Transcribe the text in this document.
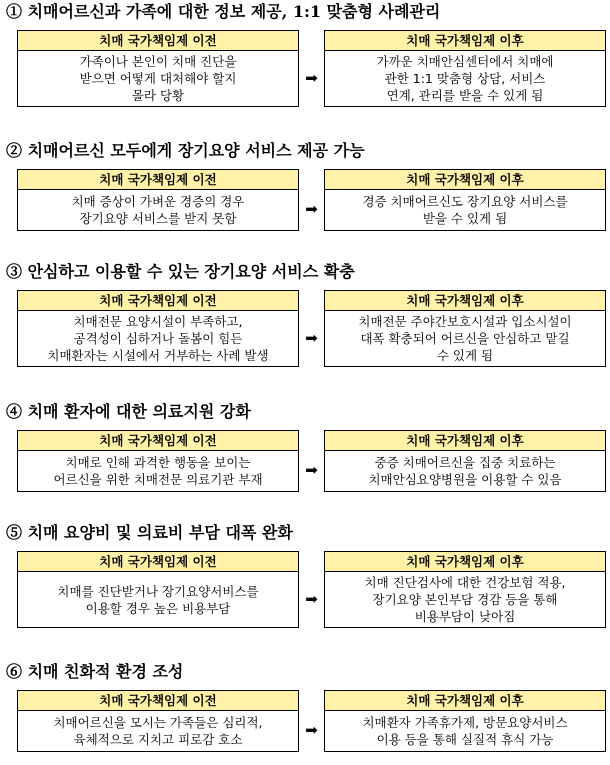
① 치매어르신과 가족에 대한 정보 제공, 1:1 맞춤형 사례관리
치매 국가책임제 이전
가족이나 본인이 치매 진단을
받으면 어떻게 대처해야 할지
몰라 당황
치매 국가책임제 이후
가까운 치매안심센터에서 치매에
관한 1:1 맞춤형 상담, 서비스
연계, 관리를 받을 수 있게 됨
➡
② 치매어르신 모두에게 장기요양 서비스 제공 가능
치매 국가책임제 이전
치매 증상이 가벼운 경증의 경우
장기요양 서비스를 받지 못함
치매 국가책임제 이후
경증 치매어르신도 장기요양 서비스를
받을 수 있게 됨
➡
③ 안심하고 이용할 수 있는 장기요양 서비스 확충
치매 국가책임제 이전
치매전문 요양시설이 부족하고,
공격성이 심하거나 돌봄이 힘든
치매환자는 시설에서 거부하는 사례 발생
치매 국가책임제 이후
치매전문 주야간보호시설과 입소시설이
대폭 확충되어 어르신을 안심하고 맡길
수 있게 됨
➡
④ 치매 환자에 대한 의료지원 강화
치매 국가책임제 이전
치매로 인해 과격한 행동을 보이는
어르신을 위한 치매전문 의료기관 부재
치매 국가책임제 이후
중증 치매어르신을 집중 치료하는
치매안심요양병원을 이용할 수 있음
➡
⑤ 치매 요양비 및 의료비 부담 대폭 완화
치매 국가책임제 이전
치매를 진단받거나 장기요양서비스를
이용할 경우 높은 비용부담
치매 국가책임제 이후
치매 진단검사에 대한 건강보험 적용,
장기요양 본인부담 경감 등을 통해
비용부담이 낮아짐
➡
⑥ 치매 친화적 환경 조성
치매 국가책임제 이전
치매어르신을 모시는 가족들은 심리적,
육체적으로 지치고 피로감 호소
치매 국가책임제 이후
치매환자 가족휴가제, 방문요양서비스
이용 등을 통해 실질적 휴식 가능
➡
